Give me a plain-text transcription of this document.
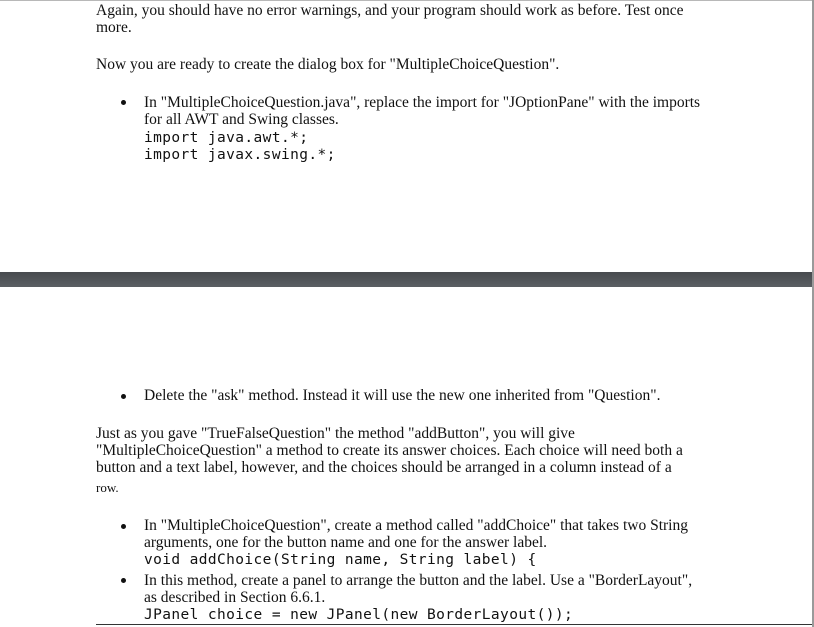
Again, you should have no error warnings, and your program should work as before. Test once
more.
Now you are ready to create the dialog box for "MultipleChoiceQuestion".
In "MultipleChoiceQuestion.java", replace the import for "JOptionPane" with the imports
for all AWT and Swing classes.
import java.awt.*;
import javax.swing.*;
Delete the "ask" method. Instead it will use the new one inherited from "Question".
Just as you gave "TrueFalseQuestion" the method "addButton", you will give
"MultipleChoiceQuestion" a method to create its answer choices. Each choice will need both a
button and a text label, however, and the choices should be arranged in a column instead of a
row.
In "MultipleChoiceQuestion", create a method called "addChoice" that takes two String
arguments, one for the button name and one for the answer label.
void addChoice(String name, String label) {
In this method, create a panel to arrange the button and the label. Use a "BorderLayout",
as described in Section 6.6.1.
JPanel choice = new JPanel(new BorderLayout());
